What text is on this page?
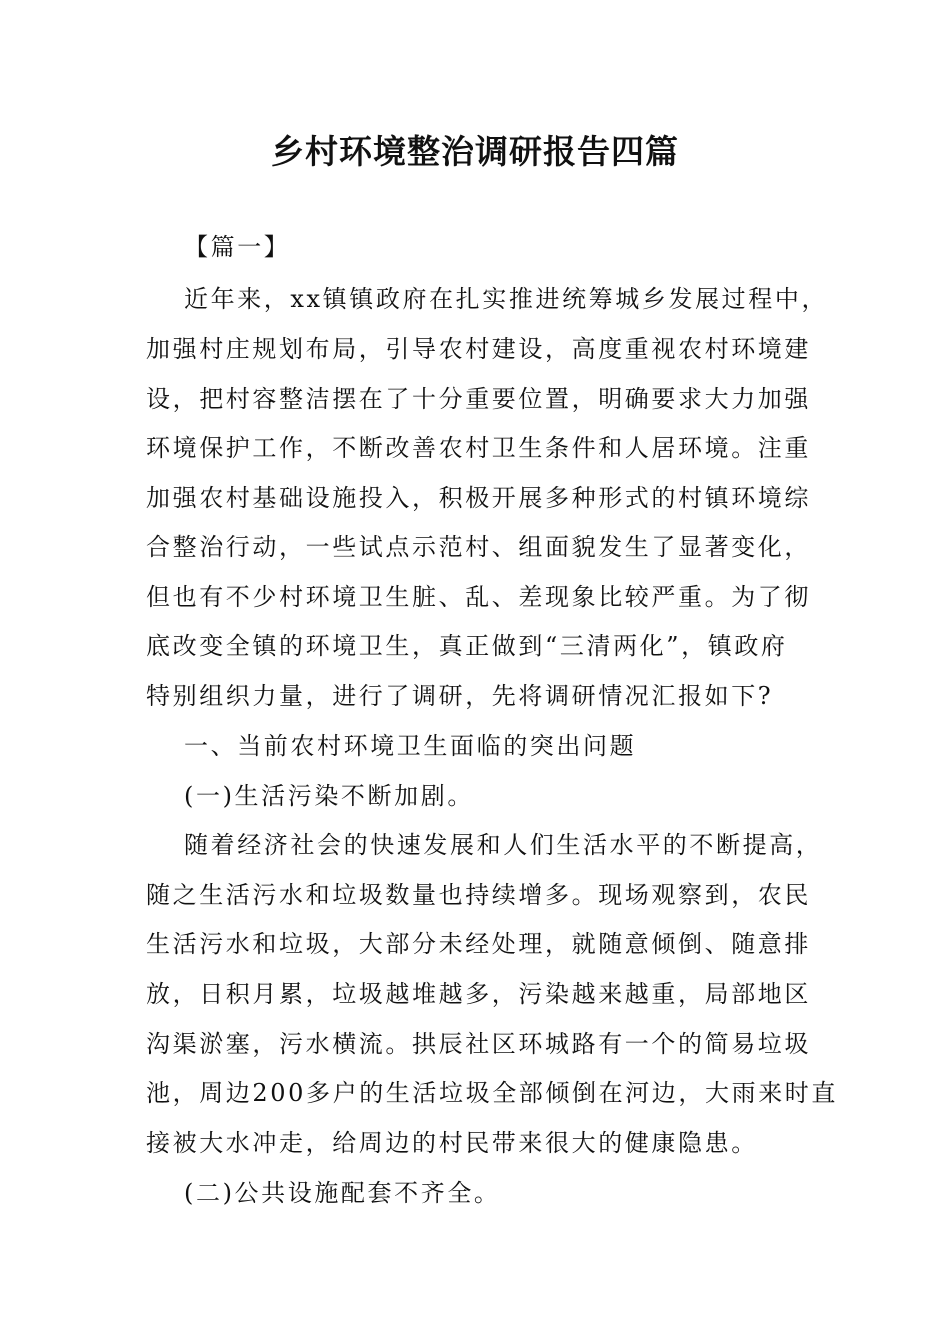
乡村环境整治调研报告四篇
【篇一】
近年来，xx镇镇政府在扎实推进统筹城乡发展过程中，
加强村庄规划布局，引导农村建设，高度重视农村环境建
设，把村容整洁摆在了十分重要位置，明确要求大力加强
环境保护工作，不断改善农村卫生条件和人居环境。注重
加强农村基础设施投入，积极开展多种形式的村镇环境综
合整治行动，一些试点示范村、组面貌发生了显著变化，
但也有不少村环境卫生脏、乱、差现象比较严重。为了彻
底改变全镇的环境卫生，真正做到“三清两化”，镇政府
特别组织力量，进行了调研，先将调研情况汇报如下?
一、当前农村环境卫生面临的突出问题
(一)生活污染不断加剧。
随着经济社会的快速发展和人们生活水平的不断提高，
随之生活污水和垃圾数量也持续增多。现场观察到，农民
生活污水和垃圾，大部分未经处理，就随意倾倒、随意排
放，日积月累，垃圾越堆越多，污染越来越重，局部地区
沟渠淤塞，污水横流。拱辰社区环城路有一个的简易垃圾
池，周边200多户的生活垃圾全部倾倒在河边，大雨来时直
接被大水冲走，给周边的村民带来很大的健康隐患。
(二)公共设施配套不齐全。
